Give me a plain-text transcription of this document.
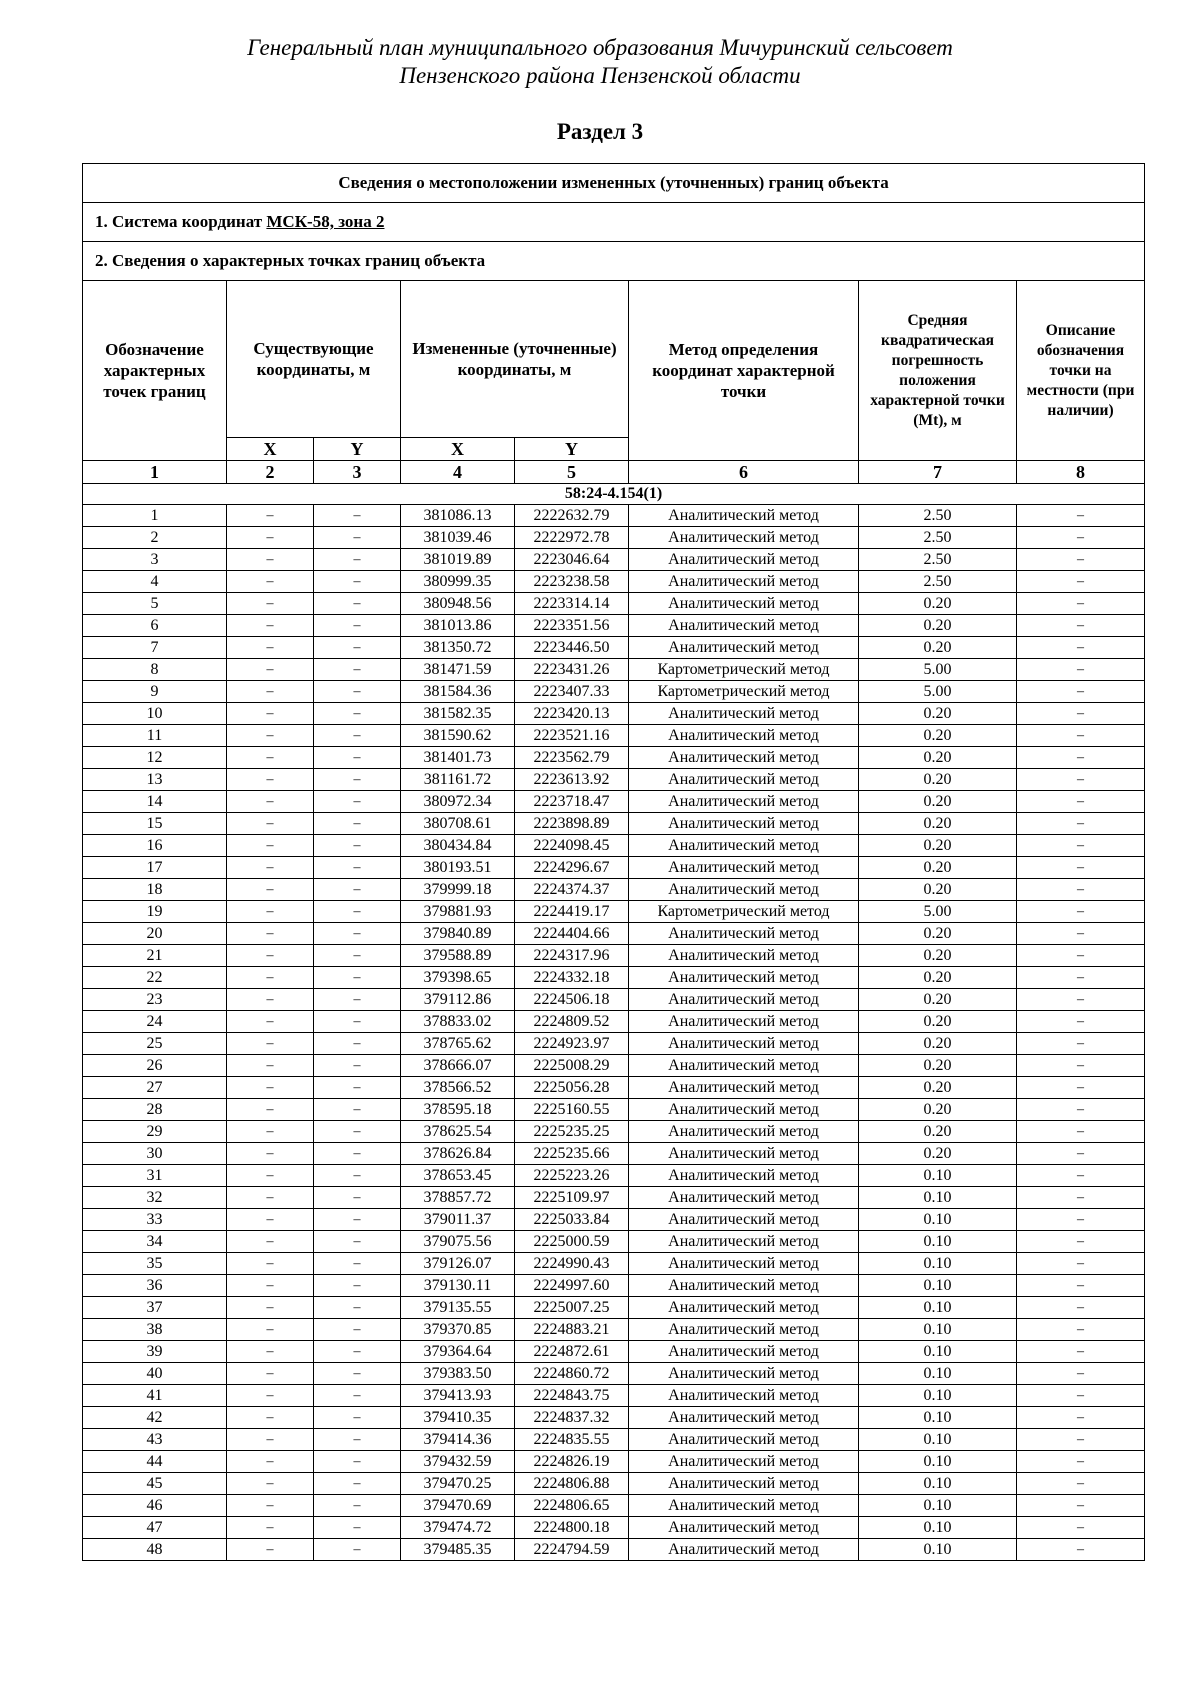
Генеральный план муниципального образования Мичуринский сельсовет
Пензенского района Пензенской области
Раздел 3
Сведения о местоположении измененных (уточненных) границ объекта							
1. Система координат МСК-58, зона 2							
2. Сведения о характерных точках границ объекта							
Обозначение характерных точек границ	Существующие координаты, м		Измененные (уточненные) координаты, м		Метод определения координат характерной точки	Средняя квадратическая погрешность положения характерной точки (Mt), м	Описание обозначения точки на местности (при наличии)
	X	Y	X	Y			
1	2	3	4	5	6	7	8
58:24-4.154(1)							
1	–	–	381086.13	2222632.79	Аналитический метод	2.50	–
2	–	–	381039.46	2222972.78	Аналитический метод	2.50	–
3	–	–	381019.89	2223046.64	Аналитический метод	2.50	–
4	–	–	380999.35	2223238.58	Аналитический метод	2.50	–
5	–	–	380948.56	2223314.14	Аналитический метод	0.20	–
6	–	–	381013.86	2223351.56	Аналитический метод	0.20	–
7	–	–	381350.72	2223446.50	Аналитический метод	0.20	–
8	–	–	381471.59	2223431.26	Картометрический метод	5.00	–
9	–	–	381584.36	2223407.33	Картометрический метод	5.00	–
10	–	–	381582.35	2223420.13	Аналитический метод	0.20	–
11	–	–	381590.62	2223521.16	Аналитический метод	0.20	–
12	–	–	381401.73	2223562.79	Аналитический метод	0.20	–
13	–	–	381161.72	2223613.92	Аналитический метод	0.20	–
14	–	–	380972.34	2223718.47	Аналитический метод	0.20	–
15	–	–	380708.61	2223898.89	Аналитический метод	0.20	–
16	–	–	380434.84	2224098.45	Аналитический метод	0.20	–
17	–	–	380193.51	2224296.67	Аналитический метод	0.20	–
18	–	–	379999.18	2224374.37	Аналитический метод	0.20	–
19	–	–	379881.93	2224419.17	Картометрический метод	5.00	–
20	–	–	379840.89	2224404.66	Аналитический метод	0.20	–
21	–	–	379588.89	2224317.96	Аналитический метод	0.20	–
22	–	–	379398.65	2224332.18	Аналитический метод	0.20	–
23	–	–	379112.86	2224506.18	Аналитический метод	0.20	–
24	–	–	378833.02	2224809.52	Аналитический метод	0.20	–
25	–	–	378765.62	2224923.97	Аналитический метод	0.20	–
26	–	–	378666.07	2225008.29	Аналитический метод	0.20	–
27	–	–	378566.52	2225056.28	Аналитический метод	0.20	–
28	–	–	378595.18	2225160.55	Аналитический метод	0.20	–
29	–	–	378625.54	2225235.25	Аналитический метод	0.20	–
30	–	–	378626.84	2225235.66	Аналитический метод	0.20	–
31	–	–	378653.45	2225223.26	Аналитический метод	0.10	–
32	–	–	378857.72	2225109.97	Аналитический метод	0.10	–
33	–	–	379011.37	2225033.84	Аналитический метод	0.10	–
34	–	–	379075.56	2225000.59	Аналитический метод	0.10	–
35	–	–	379126.07	2224990.43	Аналитический метод	0.10	–
36	–	–	379130.11	2224997.60	Аналитический метод	0.10	–
37	–	–	379135.55	2225007.25	Аналитический метод	0.10	–
38	–	–	379370.85	2224883.21	Аналитический метод	0.10	–
39	–	–	379364.64	2224872.61	Аналитический метод	0.10	–
40	–	–	379383.50	2224860.72	Аналитический метод	0.10	–
41	–	–	379413.93	2224843.75	Аналитический метод	0.10	–
42	–	–	379410.35	2224837.32	Аналитический метод	0.10	–
43	–	–	379414.36	2224835.55	Аналитический метод	0.10	–
44	–	–	379432.59	2224826.19	Аналитический метод	0.10	–
45	–	–	379470.25	2224806.88	Аналитический метод	0.10	–
46	–	–	379470.69	2224806.65	Аналитический метод	0.10	–
47	–	–	379474.72	2224800.18	Аналитический метод	0.10	–
48	–	–	379485.35	2224794.59	Аналитический метод	0.10	–
